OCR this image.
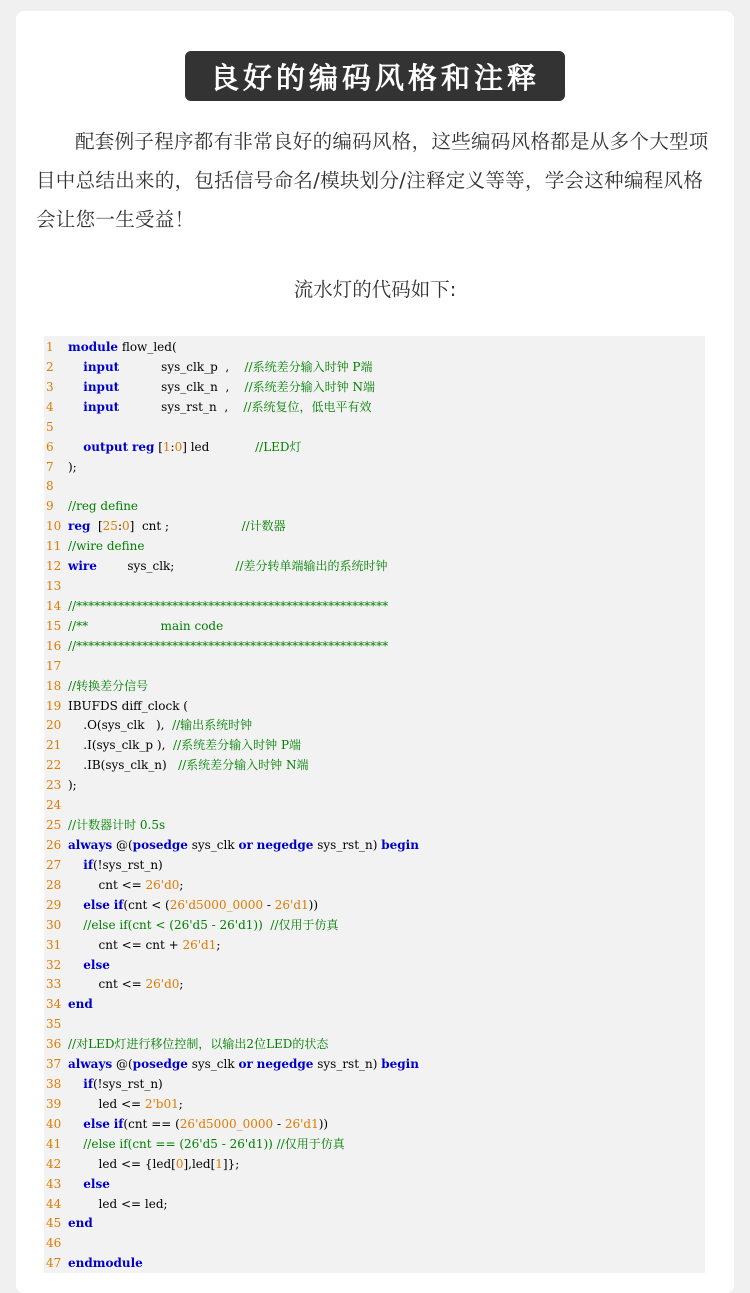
良好的编码风格和注释
配套例子程序都有非常良好的编码风格，这些编码风格都是从多个大型项目中总结出来的，包括信号命名/模块划分/注释定义等等，学会这种编程风格会让您一生受益！
流水灯的代码如下:
1 module flow_led(
2 input           sys_clk_p  ,    //系统差分输入时钟 P端
3 input           sys_clk_n  ,    //系统差分输入时钟 N端
4 input           sys_rst_n  ,    //系统复位，低电平有效
5
6 output reg [1:0] led            //LED灯
7 );
8
9 //reg define
10 reg  [25:0]  cnt ;                   //计数器
11 //wire define
12 wire        sys_clk;                //差分转单端输出的系统时钟
13
14 //****************************************************
15 //**                   main code
16 //****************************************************
17
18 //转换差分信号
19 IBUFDS diff_clock (
20    .O(sys_clk   ),  //输出系统时钟
21    .I(sys_clk_p ),  //系统差分输入时钟 P端
22    .IB(sys_clk_n)   //系统差分输入时钟 N端
23 );
24
25 //计数器计时 0.5s
26 always @(posedge sys_clk or negedge sys_rst_n) begin
27 if(!sys_rst_n)
28        cnt <= 26'd0;
29 else if(cnt < (26'd5000_0000 - 26'd1))
30    //else if(cnt < (26'd5 - 26'd1))  //仅用于仿真
31        cnt <= cnt + 26'd1;
32 else
33        cnt <= 26'd0;
34 end
35
36 //对LED灯进行移位控制，以输出2位LED的状态
37 always @(posedge sys_clk or negedge sys_rst_n) begin
38 if(!sys_rst_n)
39        led <= 2'b01;
40 else if(cnt == (26'd5000_0000 - 26'd1))
41    //else if(cnt == (26'd5 - 26'd1)) //仅用于仿真
42        led <= {led[0],led[1]};
43 else
44        led <= led;
45 end
46
47 endmodule
